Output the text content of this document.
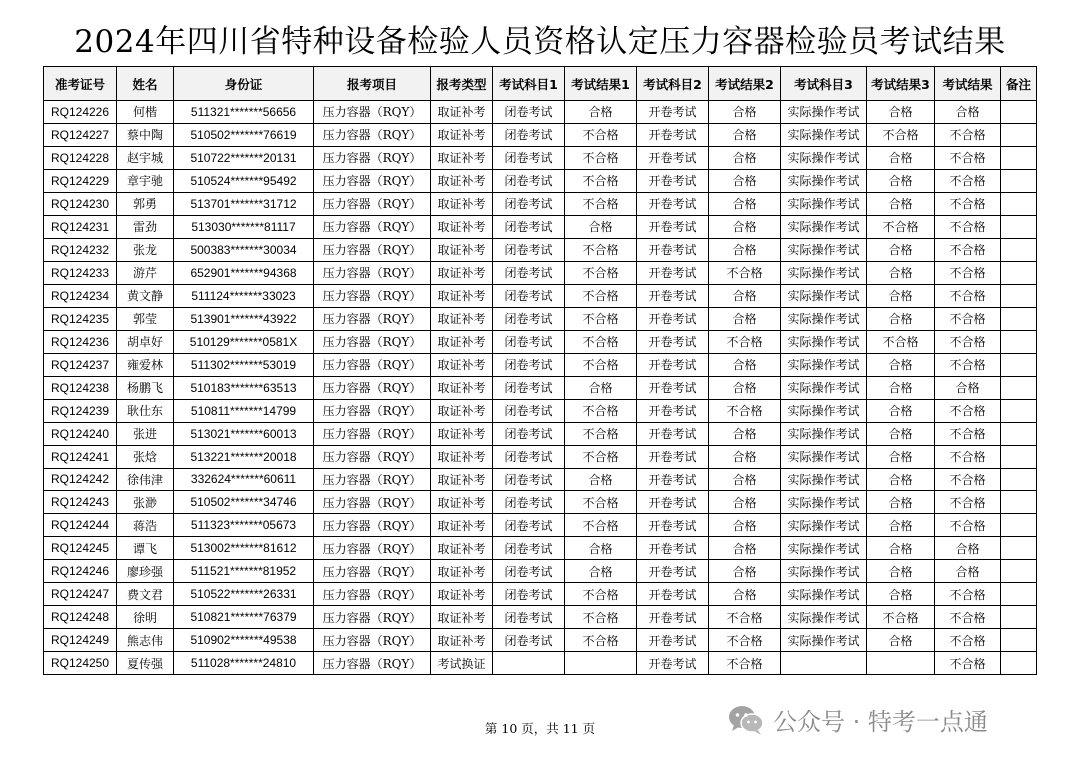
2024年四川省特种设备检验人员资格认定压力容器检验员考试结果
准考证号	姓名	身份证	报考项目	报考类型	考试科目1	考试结果1	考试科目2	考试结果2	考试科目3	考试结果3	考试结果	备注
RQ124226	何楷	511321*******56656	压力容器（RQY）	取证补考	闭卷考试	合格	开卷考试	合格	实际操作考试	合格	合格	
RQ124227	蔡中陶	510502*******76619	压力容器（RQY）	取证补考	闭卷考试	不合格	开卷考试	合格	实际操作考试	不合格	不合格	
RQ124228	赵宇城	510722*******20131	压力容器（RQY）	取证补考	闭卷考试	不合格	开卷考试	合格	实际操作考试	合格	不合格	
RQ124229	章宇驰	510524*******95492	压力容器（RQY）	取证补考	闭卷考试	不合格	开卷考试	合格	实际操作考试	合格	不合格	
RQ124230	郭勇	513701*******31712	压力容器（RQY）	取证补考	闭卷考试	不合格	开卷考试	合格	实际操作考试	合格	不合格	
RQ124231	雷劲	513030*******81117	压力容器（RQY）	取证补考	闭卷考试	合格	开卷考试	合格	实际操作考试	不合格	不合格	
RQ124232	张龙	500383*******30034	压力容器（RQY）	取证补考	闭卷考试	不合格	开卷考试	合格	实际操作考试	合格	不合格	
RQ124233	游芹	652901*******94368	压力容器（RQY）	取证补考	闭卷考试	不合格	开卷考试	不合格	实际操作考试	合格	不合格	
RQ124234	黄文静	511124*******33023	压力容器（RQY）	取证补考	闭卷考试	不合格	开卷考试	合格	实际操作考试	合格	不合格	
RQ124235	郭莹	513901*******43922	压力容器（RQY）	取证补考	闭卷考试	不合格	开卷考试	合格	实际操作考试	合格	不合格	
RQ124236	胡卓好	510129*******0581X	压力容器（RQY）	取证补考	闭卷考试	不合格	开卷考试	不合格	实际操作考试	不合格	不合格	
RQ124237	雍爱林	511302*******53019	压力容器（RQY）	取证补考	闭卷考试	不合格	开卷考试	合格	实际操作考试	合格	不合格	
RQ124238	杨鹏飞	510183*******63513	压力容器（RQY）	取证补考	闭卷考试	合格	开卷考试	合格	实际操作考试	合格	合格	
RQ124239	耿仕东	510811*******14799	压力容器（RQY）	取证补考	闭卷考试	不合格	开卷考试	不合格	实际操作考试	合格	不合格	
RQ124240	张进	513021*******60013	压力容器（RQY）	取证补考	闭卷考试	不合格	开卷考试	合格	实际操作考试	合格	不合格	
RQ124241	张焓	513221*******20018	压力容器（RQY）	取证补考	闭卷考试	不合格	开卷考试	合格	实际操作考试	合格	不合格	
RQ124242	徐伟津	332624*******60611	压力容器（RQY）	取证补考	闭卷考试	合格	开卷考试	合格	实际操作考试	合格	不合格	
RQ124243	张渺	510502*******34746	压力容器（RQY）	取证补考	闭卷考试	不合格	开卷考试	合格	实际操作考试	合格	不合格	
RQ124244	蒋浩	511323*******05673	压力容器（RQY）	取证补考	闭卷考试	不合格	开卷考试	合格	实际操作考试	合格	不合格	
RQ124245	谭飞	513002*******81612	压力容器（RQY）	取证补考	闭卷考试	合格	开卷考试	合格	实际操作考试	合格	合格	
RQ124246	廖珍强	511521*******81952	压力容器（RQY）	取证补考	闭卷考试	合格	开卷考试	合格	实际操作考试	合格	合格	
RQ124247	费文君	510522*******26331	压力容器（RQY）	取证补考	闭卷考试	不合格	开卷考试	合格	实际操作考试	合格	不合格	
RQ124248	徐明	510821*******76379	压力容器（RQY）	取证补考	闭卷考试	不合格	开卷考试	不合格	实际操作考试	不合格	不合格	
RQ124249	熊志伟	510902*******49538	压力容器（RQY）	取证补考	闭卷考试	不合格	开卷考试	不合格	实际操作考试	合格	不合格	
RQ124250	夏传强	511028*******24810	压力容器（RQY）	考试换证			开卷考试	不合格			不合格	
第 10 页，共 11 页	公众号 · 特考一点通
